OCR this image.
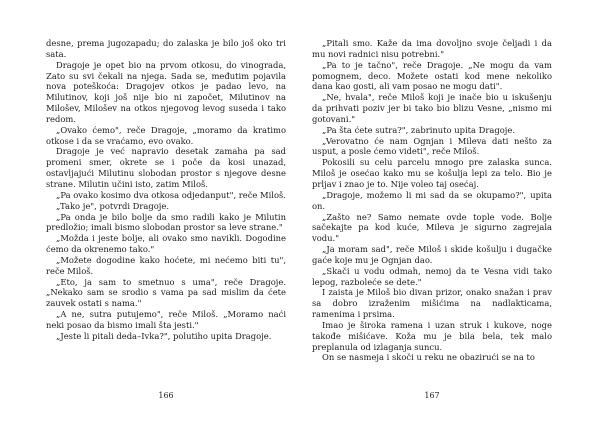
desne, prema jugozapadu; do zalaska je bilo još oko tri sata.

Dragoje je opet bio na prvom otkosu, do vinograda, Zato su svi čekali na njega. Sada se, međutim pojavila nova poteškoća: Dragojev otkos je padao levo, na Milutinov, koji još nije bio ni započet, Milutinov na Milošev, Milošev na otkos njegovog levog suseda i tako redom.

„Ovako ćemo", reče Dragoje, „moramo da kratimo otkose i da se vraćamo, evo ovako.

Dragoje je već napravio desetak zamaha pa sad promeni smer, okrete se i poče da kosi unazad, ostavljajući Milutinu slobodan prostor s njegove desne strane. Milutin učini isto, zatim Miloš.

„Pa ovako kosimo dva otkosa odjedanput", reče Miloš.

„Tako je", potvrdi Dragoje.

„Pa onda je bilo bolje da smo radili kako je Milutin predložio; imali bismo slobodan prostor sa leve strane."

„Možda i jeste bolje, ali ovako smo navikli. Dogodine ćemo da okrenemo tako."

„Možete dogodine kako hoćete, mi nećemo biti tu", reče Miloš.

„Eto, ja sam to smetnuo s uma", reče Dragoje. „Nekako sam se srodio s vama pa sad mislim da ćete zauvek ostati s nama."

„A ne, sutra putujemo", reče Miloš. „Moramo naći neki posao da bismo imali šta jesti."

„Jeste li pitali deda–Ivka?", polutiho upita Dragoje.

166

„Pitali smo. Kaže da ima dovoljno svoje čeljadi i da mu novi radnici nisu potrebni."

„Pa to je tačno", reče Dragoje. „Ne mogu da vam pomognem, deco. Možete ostati kod mene nekoliko dana kao gosti, ali vam posao ne mogu dati".

„Ne, hvala", reče Miloš koji je inače bio u iskušenju da prihvati poziv jer bi tako bio blizu Vesne, „nismo mi gotovani."

„Pa šta ćete sutra?", zabrinuto upita Dragoje.

„Verovatno će nam Ognjan i Mileva dati nešto za usput, a posle ćemo videti", reče Miloš.

Pokosili su celu parcelu mnogo pre zalaska sunca. Miloš je osećao kako mu se košulja lepi za telo. Bio je prljav i znao je to. Nije voleo taj osećaj.

„Dragoje, možemo li mi sad da se okupamo?", upita on.

„Zašto ne? Samo nemate ovde tople vode. Bolje sačekajte pa kod kuće, Mileva je sigurno zagrejala vodu."

„Ja moram sad", reče Miloš i skide košulju i dugačke gaće koje mu je Ognjan dao.

„Skači u vodu odmah, nemoj da te Vesna vidi tako lepog, razbolеće se dete."

I zaista je Miloš bio divan prizor, onako snažan i prav sa dobro izraženim mišićima na nadlakticama, ramenima i prsima.

Imao je široka ramena i uzan struk i kukove, noge takođe mišićave. Koža mu je bila bela, tek malo preplanula od izlaganja suncu.

On se nasmeja i skoči u reku ne obazirući se na to

167
